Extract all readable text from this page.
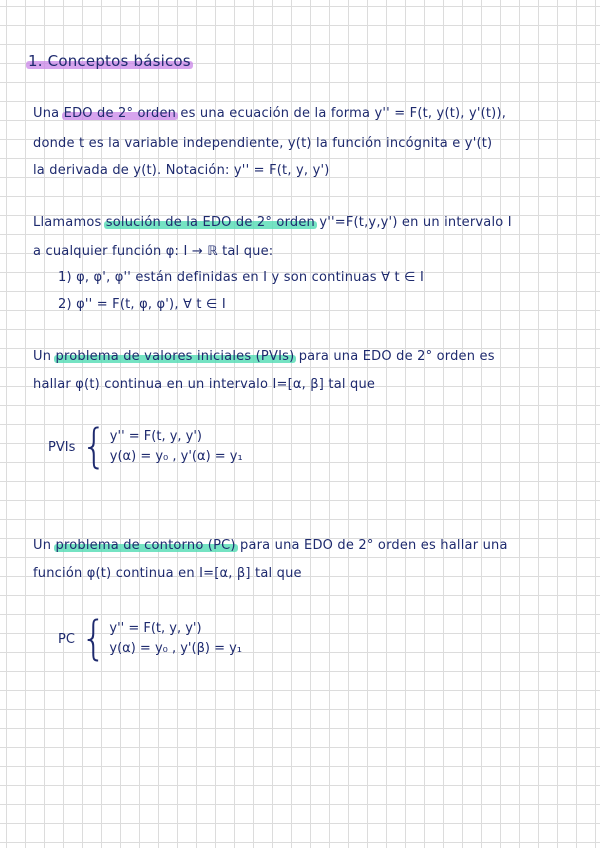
1. Conceptos básicos
Una EDO de 2° orden es una ecuación de la forma y'' = F(t, y(t), y'(t)),
donde t es la variable independiente, y(t) la función incógnita e y'(t)
la derivada de y(t). Notación: y'' = F(t, y, y')
Llamamos solución de la EDO de 2° orden y''=F(t,y,y') en un intervalo I
a cualquier función φ: I → ℝ tal que:
1) φ, φ', φ'' están definidas en I y son continuas ∀ t ∈ I
2) φ'' = F(t, φ, φ'), ∀ t ∈ I
Un problema de valores iniciales (PVIs) para una EDO de 2° orden es
hallar φ(t) continua en un intervalo I=[α, β] tal que
PVIs { y'' = F(t, y, y')
y(α) = y₀ , y'(α) = y₁
Un problema de contorno (PC) para una EDO de 2° orden es hallar una
función φ(t) continua en I=[α, β] tal que
PC { y'' = F(t, y, y')
y(α) = y₀ , y'(β) = y₁
